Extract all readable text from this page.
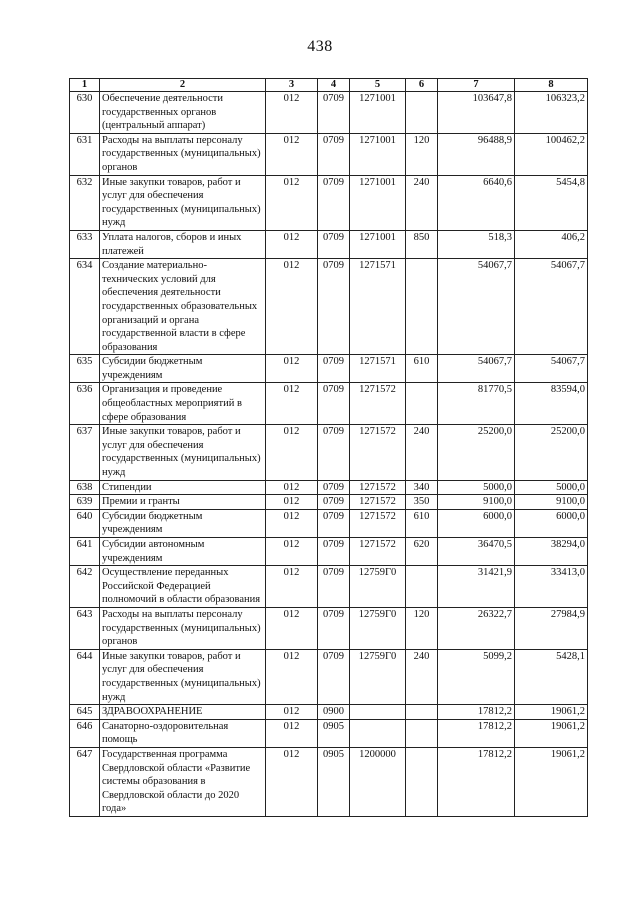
438
1	2	3	4	5	6	7	8
630	Обеспечение деятельности государственных органов (центральный аппарат)	012	0709	1271001		103647,8	106323,2
631	Расходы на выплаты персоналу государственных (муниципальных) органов	012	0709	1271001	120	96488,9	100462,2
632	Иные закупки товаров, работ и услуг для обеспечения государственных (муниципальных) нужд	012	0709	1271001	240	6640,6	5454,8
633	Уплата налогов, сборов и иных платежей	012	0709	1271001	850	518,3	406,2
634	Создание материально-технических условий для обеспечения деятельности государственных образовательных организаций и органа государственной власти в сфере образования	012	0709	1271571		54067,7	54067,7
635	Субсидии бюджетным учреждениям	012	0709	1271571	610	54067,7	54067,7
636	Организация и проведение общеобластных мероприятий в сфере образования	012	0709	1271572		81770,5	83594,0
637	Иные закупки товаров, работ и услуг для обеспечения государственных (муниципальных) нужд	012	0709	1271572	240	25200,0	25200,0
638	Стипендии	012	0709	1271572	340	5000,0	5000,0
639	Премии и гранты	012	0709	1271572	350	9100,0	9100,0
640	Субсидии бюджетным учреждениям	012	0709	1271572	610	6000,0	6000,0
641	Субсидии автономным учреждениям	012	0709	1271572	620	36470,5	38294,0
642	Осуществление переданных Российской Федерацией полномочий в области образования	012	0709	12759Г0		31421,9	33413,0
643	Расходы на выплаты персоналу государственных (муниципальных) органов	012	0709	12759Г0	120	26322,7	27984,9
644	Иные закупки товаров, работ и услуг для обеспечения государственных (муниципальных) нужд	012	0709	12759Г0	240	5099,2	5428,1
645	ЗДРАВООХРАНЕНИЕ	012	0900			17812,2	19061,2
646	Санаторно-оздоровительная помощь	012	0905			17812,2	19061,2
647	Государственная программа Свердловской области «Развитие системы образования в Свердловской области до 2020 года»	012	0905	1200000		17812,2	19061,2
